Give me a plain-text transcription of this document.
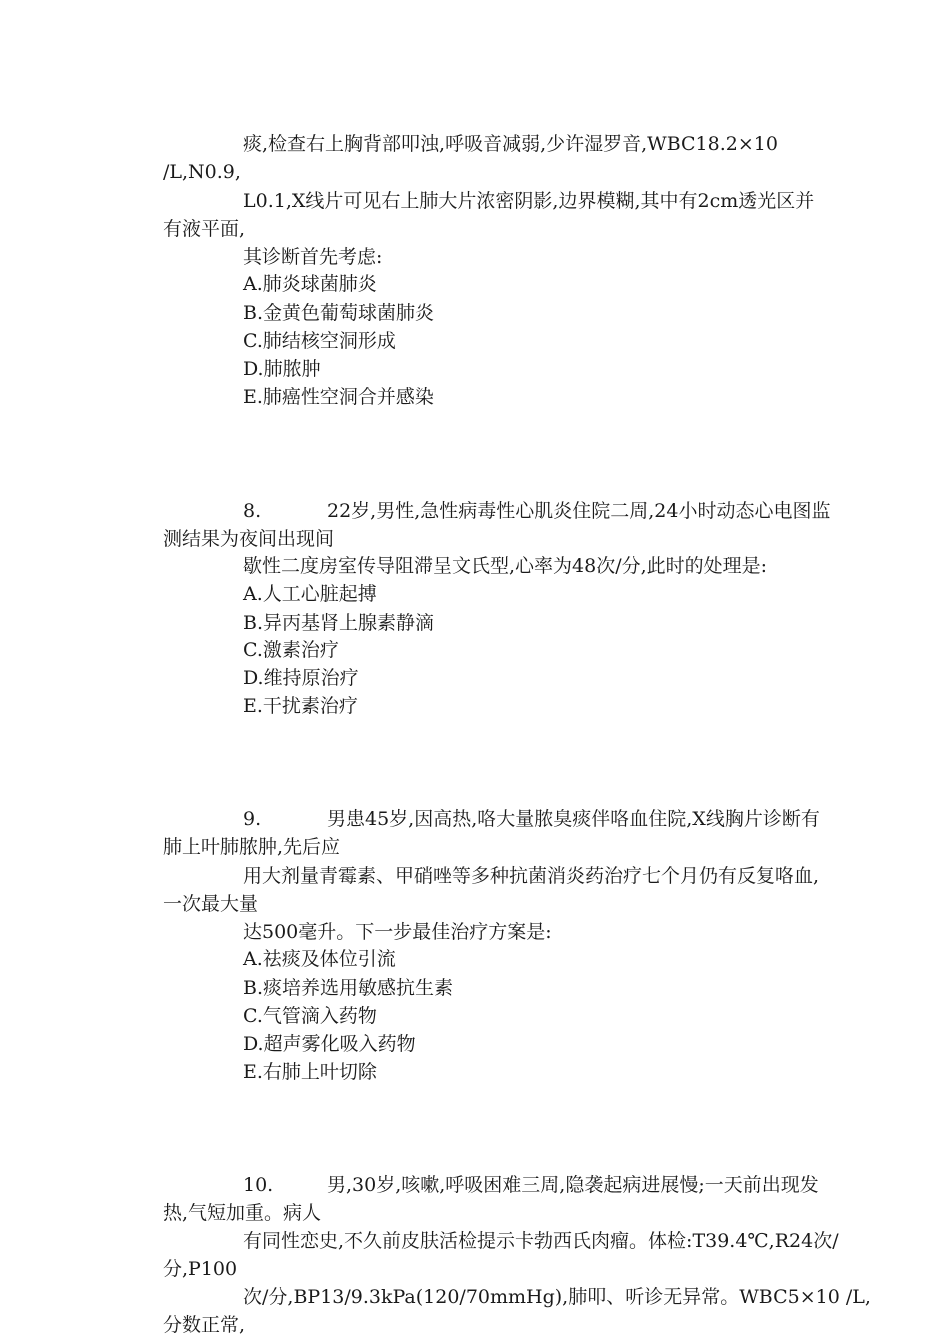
痰,检查右上胸背部叩浊,呼吸音减弱,少许湿罗音,WBC18.2×10
/L,N0.9,
L0.1,X线片可见右上肺大片浓密阴影,边界模糊,其中有2cm透光区并
有液平面,
其诊断首先考虑:
A.肺炎球菌肺炎
B.金黄色葡萄球菌肺炎
C.肺结核空洞形成
D.肺脓肿
E.肺癌性空洞合并感染
8.	22岁,男性,急性病毒性心肌炎住院二周,24小时动态心电图监
测结果为夜间出现间
歇性二度房室传导阻滞呈文氏型,心率为48次/分,此时的处理是:
A.人工心脏起搏
B.异丙基肾上腺素静滴
C.激素治疗
D.维持原治疗
E.干扰素治疗
9.	男患45岁,因高热,咯大量脓臭痰伴咯血住院,X线胸片诊断有
肺上叶肺脓肿,先后应
用大剂量青霉素、甲硝唑等多种抗菌消炎药治疗七个月仍有反复咯血,
一次最大量
达500毫升。下一步最佳治疗方案是:
A.祛痰及体位引流
B.痰培养选用敏感抗生素
C.气管滴入药物
D.超声雾化吸入药物
E.右肺上叶切除
10.	男,30岁,咳嗽,呼吸困难三周,隐袭起病进展慢;一天前出现发
热,气短加重。病人
有同性恋史,不久前皮肤活检提示卡勃西氏肉瘤。体检:T39.4℃,R24次/
分,P100
次/分,BP13/9.3kPa(120/70mmHg),肺叩、听诊无异常。WBC5×10 /L,
分数正常,
